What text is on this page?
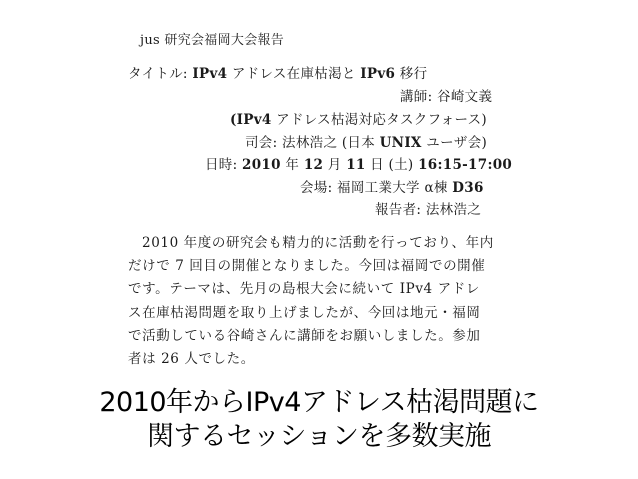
jus 研究会福岡大会報告
タイトル: IPv4 アドレス在庫枯渇と IPv6 移行
講師: 谷崎文義
(IPv4 アドレス枯渇対応タスクフォース)
司会: 法林浩之 (日本 UNIX ユーザ会)
日時: 2010 年 12 月 11 日 (土) 16:15-17:00
会場: 福岡工業大学 α棟 D36
報告者: 法林浩之
2010 年度の研究会も精力的に活動を行っており、年内
だけで 7 回目の開催となりました。今回は福岡での開催
です。テーマは、先月の島根大会に続いて IPv4 アドレ
ス在庫枯渇問題を取り上げましたが、今回は地元・福岡
で活動している谷崎さんに講師をお願いしました。参加
者は 26 人でした。
2010年からIPv4アドレス枯渇問題に
関するセッションを多数実施
